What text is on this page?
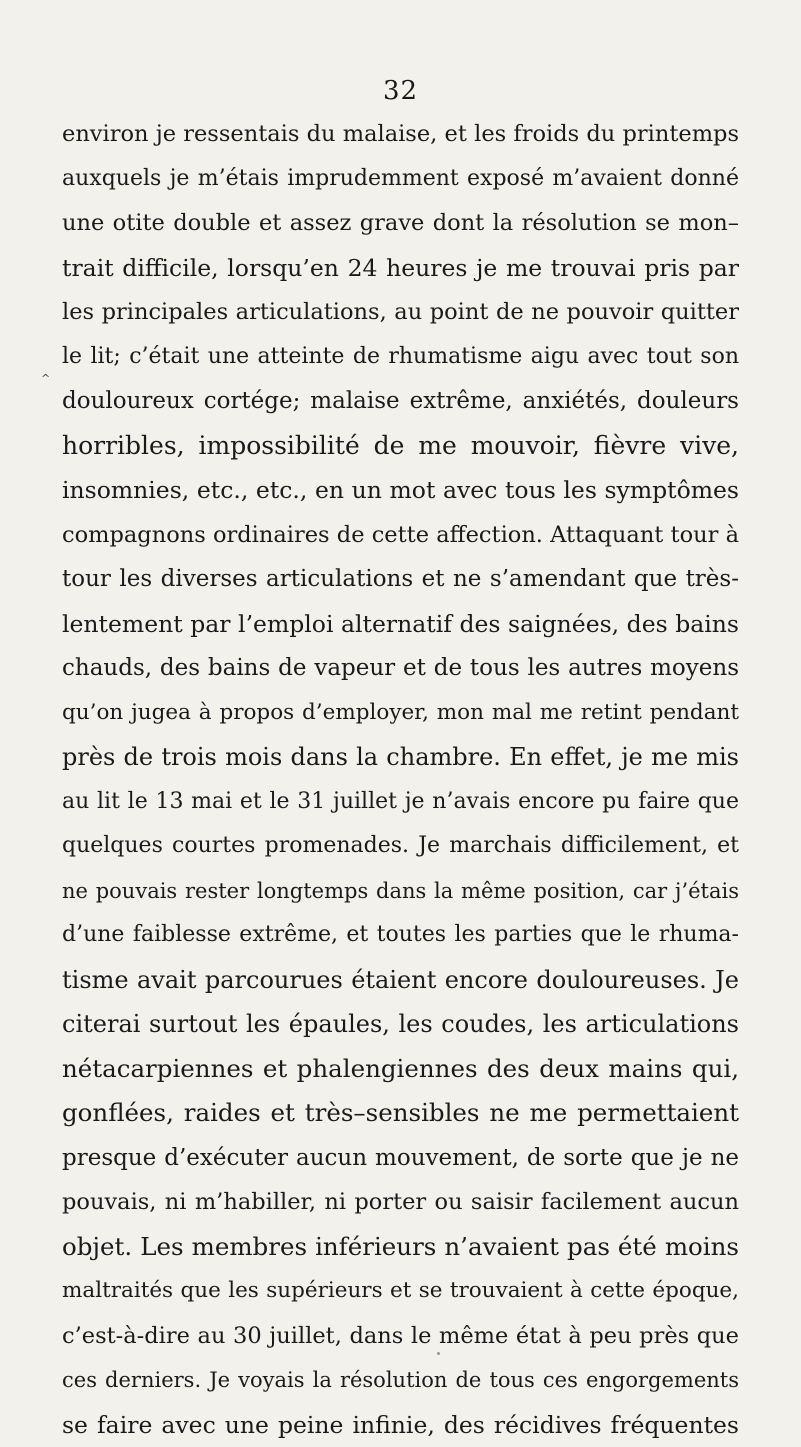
32
^
environ je ressentais du malaise, et les froids du printemps
auxquels je m’étais imprudemment exposé m’avaient donné
une otite double et assez grave dont la résolution se mon–
trait difficile, lorsqu’en 24 heures je me trouvai pris par
les principales articulations, au point de ne pouvoir quitter
le lit; c’était une atteinte de rhumatisme aigu avec tout son
douloureux cortége; malaise extrême, anxiétés, douleurs
horribles, impossibilité de me mouvoir, fièvre vive,
insomnies, etc., etc., en un mot avec tous les symptômes
compagnons ordinaires de cette affection. Attaquant tour à
tour les diverses articulations et ne s’amendant que très-
lentement par l’emploi alternatif des saignées, des bains
chauds, des bains de vapeur et de tous les autres moyens
qu’on jugea à propos d’employer, mon mal me retint pendant
près de trois mois dans la chambre. En effet, je me mis
au lit le 13 mai et le 31 juillet je n’avais encore pu faire que
quelques courtes promenades. Je marchais difficilement, et
ne pouvais rester longtemps dans la même position, car j’étais
d’une faiblesse extrême, et toutes les parties que le rhuma-
tisme avait parcourues étaient encore douloureuses. Je
citerai surtout les épaules, les coudes, les articulations
nétacarpiennes et phalengiennes des deux mains qui,
gonflées, raides et très–sensibles ne me permettaient
presque d’exécuter aucun mouvement, de sorte que je ne
pouvais, ni m’habiller, ni porter ou saisir facilement aucun
objet. Les membres inférieurs n’avaient pas été moins
maltraités que les supérieurs et se trouvaient à cette époque,
c’est-à-dire au 30 juillet, dans le même état à peu près que
ces derniers. Je voyais la résolution de tous ces engorgements
se faire avec une peine infinie, des récidives fréquentes
